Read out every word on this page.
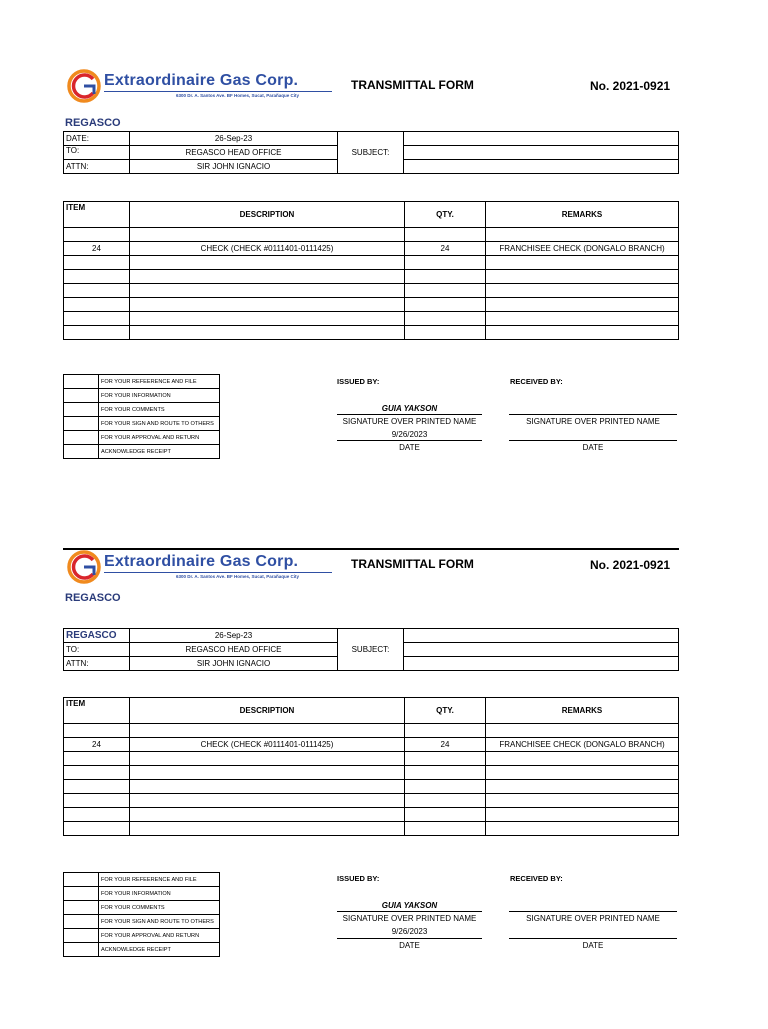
Extraordinaire Gas Corp.
6300 Dr. A. Santos Ave. BF Homes, Sucat, Parañaque City
TRANSMITTAL FORM	No. 2021-0921
REGASCO
DATE:	26-Sep-23	SUBJECT:	
TO:	REGASCO HEAD OFFICE		
ATTN:	SIR JOHN IGNACIO		
ITEM	DESCRIPTION	QTY.	REMARKS

24	CHECK (CHECK #0111401-0111425)	24	FRANCHISEE CHECK (DONGALO BRANCH)

	FOR YOUR REFEERENCE AND FILE
	FOR YOUR INFORMATION
	FOR YOUR COMMENTS
	FOR YOUR SIGN AND ROUTE TO OTHERS
	FOR YOUR APPROVAL AND RETURN
	ACKNOWLEDGE RECEIPT
ISSUED BY:
GUIA YAKSON
SIGNATURE OVER PRINTED NAME
9/26/2023
DATE
RECEIVED BY:
SIGNATURE OVER PRINTED NAME
DATE
Extraordinaire Gas Corp.
6300 Dr. A. Santos Ave. BF Homes, Sucat, Parañaque City
TRANSMITTAL FORM	No. 2021-0921
REGASCO
REGASCO	26-Sep-23	SUBJECT:	
TO:	REGASCO HEAD OFFICE		
ATTN:	SIR JOHN IGNACIO		
ITEM	DESCRIPTION	QTY.	REMARKS

24	CHECK (CHECK #0111401-0111425)	24	FRANCHISEE CHECK (DONGALO BRANCH)

	FOR YOUR REFEERENCE AND FILE
	FOR YOUR INFORMATION
	FOR YOUR COMMENTS
	FOR YOUR SIGN AND ROUTE TO OTHERS
	FOR YOUR APPROVAL AND RETURN
	ACKNOWLEDGE RECEIPT
ISSUED BY:
GUIA YAKSON
SIGNATURE OVER PRINTED NAME
9/26/2023
DATE
RECEIVED BY:
SIGNATURE OVER PRINTED NAME
DATE
